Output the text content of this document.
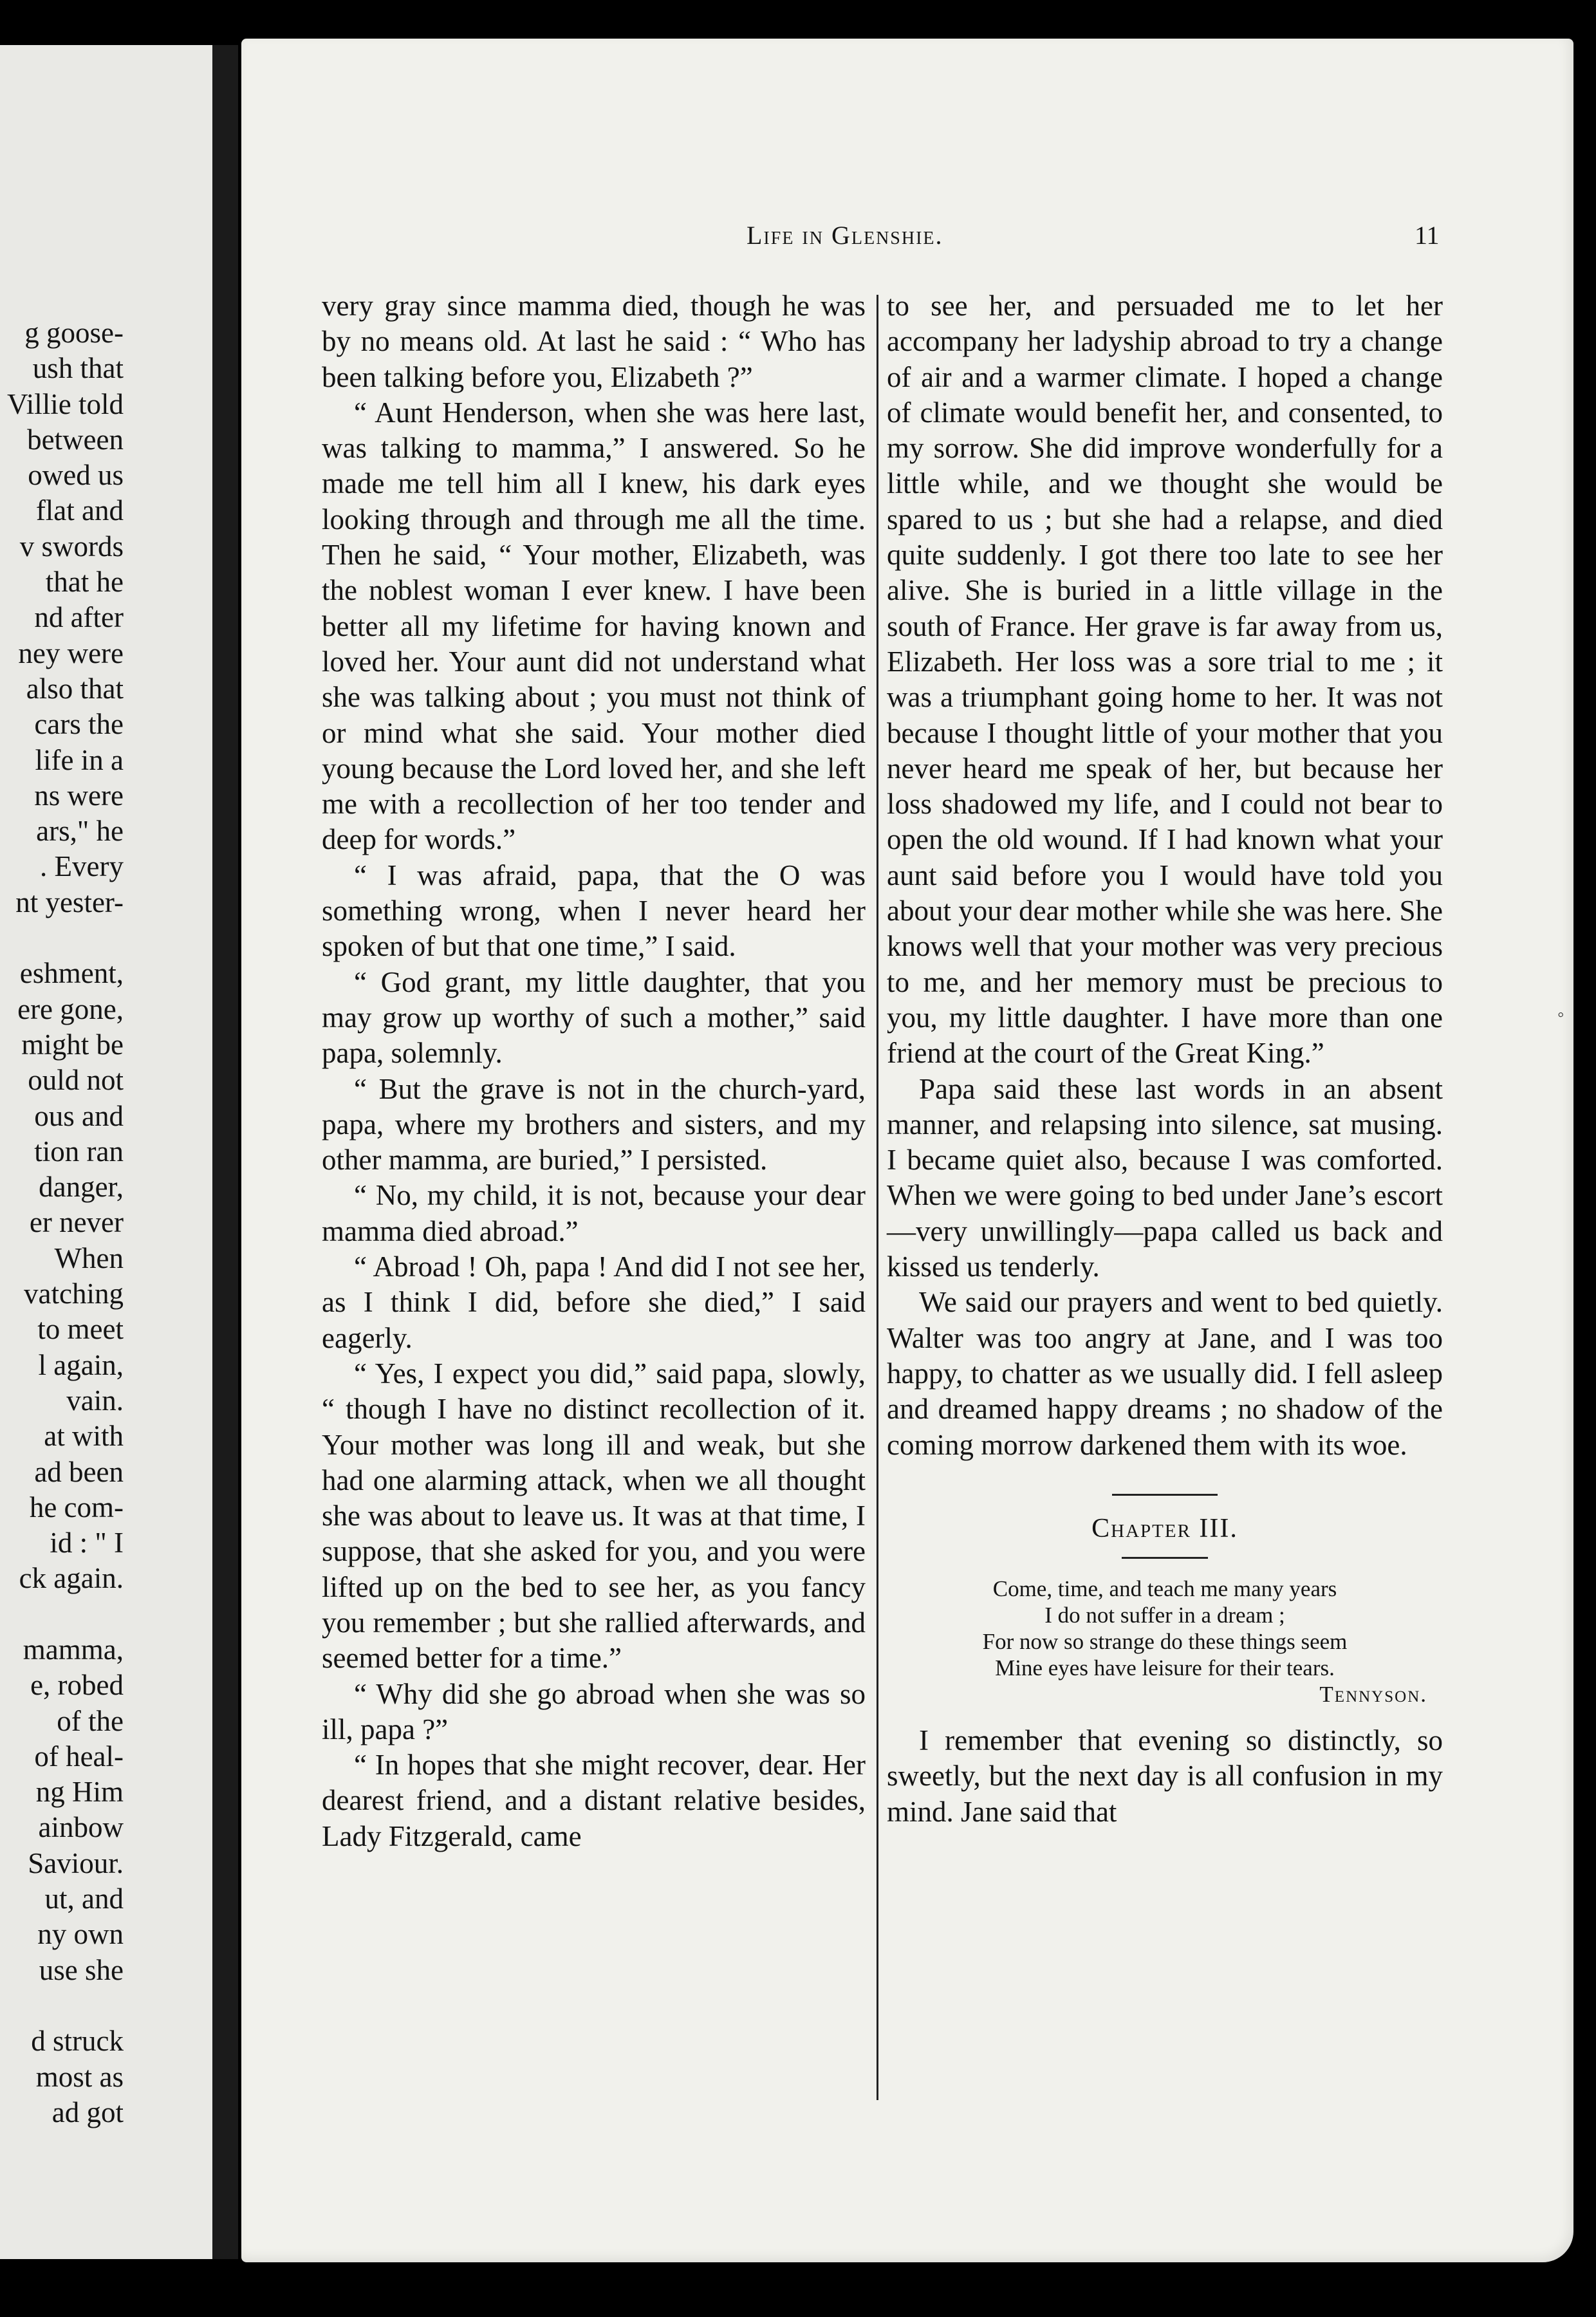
g goose-
ush that
Villie told
between
owed us
flat and
v swords
that he
nd after
ney were
also that
cars the
life in a
ns were
ars," he
. Every
nt yester-
eshment,
ere gone,
might be
ould not
ous and
tion ran
danger,
er never
When
vatching
to meet
l again,
vain.
at with
ad been
he com-
id : " I
ck again.
mamma,
e, robed
of the
of heal-
ng Him
ainbow
Saviour.
ut, and
ny own
use she
d struck
most as
ad got
Life in Glenshie.	11

very gray since mamma died, though he was by no means old. At last he said : “ Who has been talking before you, Elizabeth ?”

“ Aunt Henderson, when she was here last, was talking to mamma,” I answered. So he made me tell him all I knew, his dark eyes looking through and through me all the time. Then he said, “ Your mother, Elizabeth, was the noblest woman I ever knew. I have been better all my lifetime for having known and loved her. Your aunt did not understand what she was talking about ; you must not think of or mind what she said. Your mother died young because the Lord loved her, and she left me with a recollection of her too tender and deep for words.”

“ I was afraid, papa, that the O was something wrong, when I never heard her spoken of but that one time,” I said.

“ God grant, my little daughter, that you may grow up worthy of such a mother,” said papa, solemnly.

“ But the grave is not in the church-yard, papa, where my brothers and sisters, and my other mamma, are buried,” I persisted.

“ No, my child, it is not, because your dear mamma died abroad.”

“ Abroad ! Oh, papa ! And did I not see her, as I think I did, before she died,” I said eagerly.

“ Yes, I expect you did,” said papa, slowly, “ though I have no distinct recollection of it. Your mother was long ill and weak, but she had one alarming attack, when we all thought she was about to leave us. It was at that time, I suppose, that she asked for you, and you were lifted up on the bed to see her, as you fancy you remember ; but she rallied afterwards, and seemed better for a time.”

“ Why did she go abroad when she was so ill, papa ?”

“ In hopes that she might recover, dear. Her dearest friend, and a distant relative besides, Lady Fitzgerald, came

to see her, and persuaded me to let her accompany her ladyship abroad to try a change of air and a warmer climate. I hoped a change of climate would benefit her, and consented, to my sorrow. She did improve wonderfully for a little while, and we thought she would be spared to us ; but she had a relapse, and died quite suddenly. I got there too late to see her alive. She is buried in a little village in the south of France. Her grave is far away from us, Elizabeth. Her loss was a sore trial to me ; it was a triumphant going home to her. It was not because I thought little of your mother that you never heard me speak of her, but because her loss shadowed my life, and I could not bear to open the old wound. If I had known what your aunt said before you I would have told you about your dear mother while she was here. She knows well that your mother was very precious to me, and her memory must be precious to you, my little daughter. I have more than one friend at the court of the Great King.”

Papa said these last words in an absent manner, and relapsing into silence, sat musing. I became quiet also, because I was comforted. When we were going to bed under Jane’s escort —very unwillingly—papa called us back and kissed us tenderly.

We said our prayers and went to bed quietly. Walter was too angry at Jane, and I was too happy, to chatter as we usually did. I fell asleep and dreamed happy dreams ; no shadow of the coming morrow darkened them with its woe.

Chapter III.
Come, time, and teach me many years
I do not suffer in a dream ;
For now so strange do these things seem
Mine eyes have leisure for their tears.
Tennyson.

I remember that evening so distinctly, so sweetly, but the next day is all confusion in my mind. Jane said that

◦
